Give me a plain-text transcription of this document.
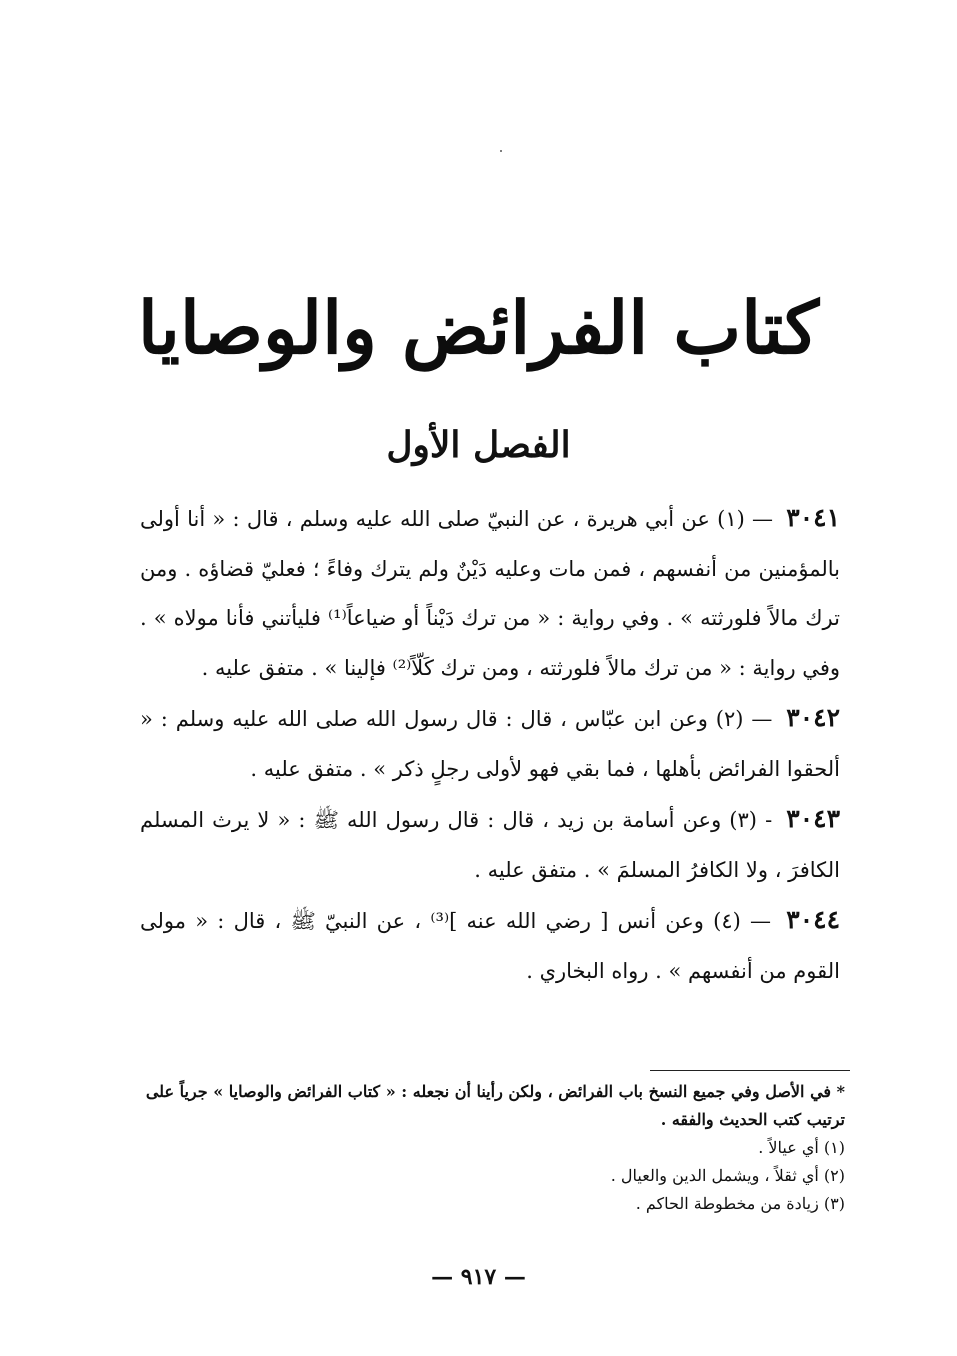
كتاب الفرائض والوصايا
الفصل الأول

٣٠٤١ — (١) عن أبي هريرة ، عن النبيّ صلى الله عليه وسلم ، قال : « أنا أولى بالمؤمنين من أنفسهم ، فمن مات وعليه دَيْنٌ ولم يترك وفاءً ؛ فعليّ قضاؤه . ومن ترك مالاً فلورثته » . وفي رواية : « من ترك دَيْناً أو ضياعاً⁽¹⁾ فليأتني فأنا مولاه » . وفي رواية : « من ترك مالاً فلورثته ، ومن ترك كَلّاً⁽²⁾ فإلينا » . متفق عليه .

٣٠٤٢ — (٢) وعن ابن عبّاس ، قال : قال رسول الله صلى الله عليه وسلم : « ألحقوا الفرائض بأهلها ، فما بقي فهو لأولى رجلٍ ذكر » . متفق عليه .

٣٠٤٣ - (٣) وعن أسامة بن زيد ، قال : قال رسول الله ﷺ : « لا يرث المسلم الكافرَ ، ولا الكافرُ المسلمَ » . متفق عليه .

٣٠٤٤ — (٤) وعن أنس [ رضي الله عنه ]⁽³⁾ ، عن النبيّ ﷺ ، قال : « مولى القوم من أنفسهم » . رواه البخاري .

* في الأصل وفي جميع النسخ باب الفرائض ، ولكن رأينا أن نجعله : « كتاب الفرائض والوصايا » جرياً على ترتيب كتب الحديث والفقه .

(١) أي عيالاً .
(٢) أي ثقلاً ، ويشمل الدين والعيال .
(٣) زيادة من مخطوطة الحاكم .
— ٩١٧ —
